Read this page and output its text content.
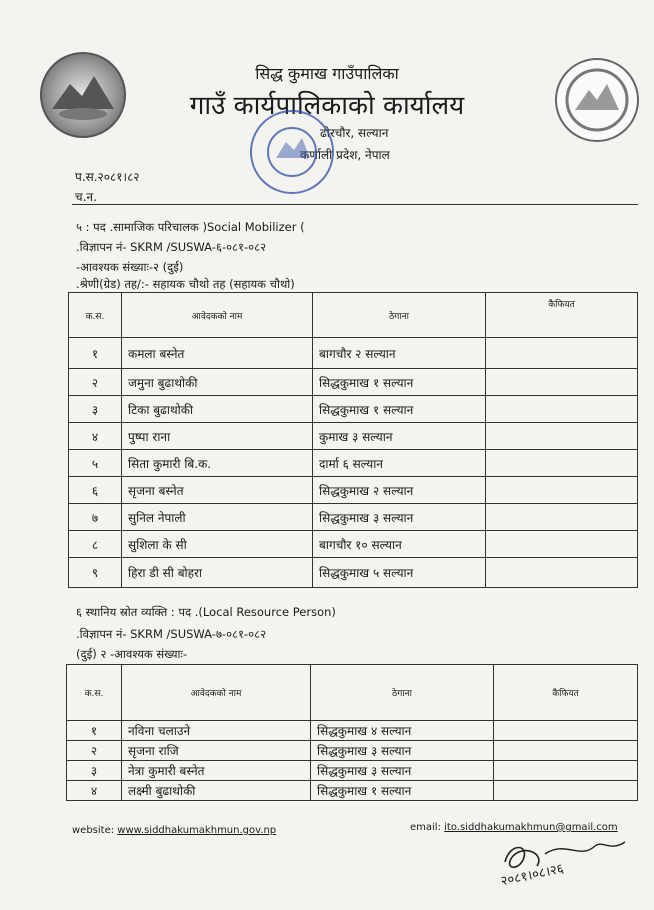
सिद्ध कुमाख गाउँपालिका
गाउँ कार्यपालिकाको कार्यालय
ढोरचौर, सल्यान
कर्णाली प्रदेश, नेपाल
प.स.२०८१।८२
च.न.
५ : पद .सामाजिक परिचालक )Social Mobilizer (
.विज्ञापन नं- SKRM /SUSWA-६-०८१-०८२
-आवश्यक संख्याः-२ (दुई)
.श्रेणी(ग्रेड) तह/:- सहायक चौथो तह (सहायक चौथो)
क.स.	आवेदकको नाम	ठेगाना	कैफियत
१	कमला बस्नेत	बागचौर २ सल्यान	
२	जमुना बुढाथोकी	सिद्धकुमाख १ सल्यान	
३	टिका बुढाथोकी	सिद्धकुमाख १ सल्यान	
४	पुष्पा राना	कुमाख ३ सल्यान	
५	सिता कुमारी बि.क.	दार्मा ६ सल्यान	
६	सृजना बस्नेत	सिद्धकुमाख २ सल्यान	
७	सुनिल नेपाली	सिद्धकुमाख ३ सल्यान	
८	सुशिला के सी	बागचौर १० सल्यान	
९	हिरा डी सी बोहरा	सिद्धकुमाख ५ सल्यान	
६ स्थानिय स्रोत व्यक्ति : पद .(Local Resource Person)
.विज्ञापन नं- SKRM /SUSWA-७-०८१-०८२
(दुई) २ -आवश्यक संख्याः-
क.स.	आवेदकको नाम	ठेगाना	कैफियत
१	नविना चलाउने	सिद्धकुमाख ४ सल्यान	
२	सृजना राजि	सिद्धकुमाख ३ सल्यान	
३	नेत्रा कुमारी बस्नेत	सिद्धकुमाख ३ सल्यान	
४	लक्ष्मी बुढाथोकी	सिद्धकुमाख १ सल्यान	
website: www.siddhakumakhmun.gov.np	email: ito.siddhakumakhmun@gmail.com
२०८१।०८।२६
